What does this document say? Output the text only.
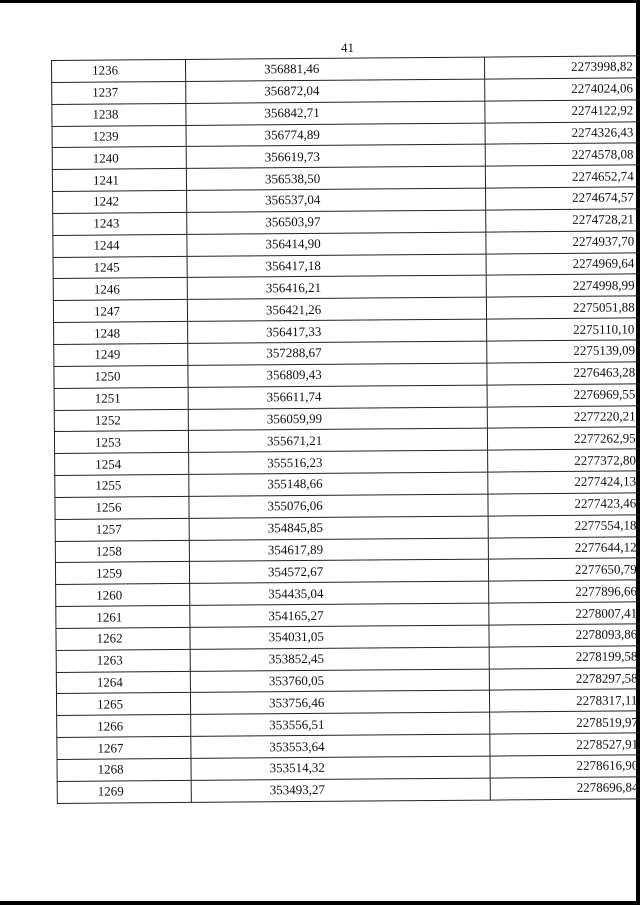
41
1236	356881,46	2273998,82
1237	356872,04	2274024,06
1238	356842,71	2274122,92
1239	356774,89	2274326,43
1240	356619,73	2274578,08
1241	356538,50	2274652,74
1242	356537,04	2274674,57
1243	356503,97	2274728,21
1244	356414,90	2274937,70
1245	356417,18	2274969,64
1246	356416,21	2274998,99
1247	356421,26	2275051,88
1248	356417,33	2275110,10
1249	357288,67	2275139,09
1250	356809,43	2276463,28
1251	356611,74	2276969,55
1252	356059,99	2277220,21
1253	355671,21	2277262,95
1254	355516,23	2277372,80
1255	355148,66	2277424,13
1256	355076,06	2277423,46
1257	354845,85	2277554,18
1258	354617,89	2277644,12
1259	354572,67	2277650,79
1260	354435,04	2277896,66
1261	354165,27	2278007,41
1262	354031,05	2278093,86
1263	353852,45	2278199,58
1264	353760,05	2278297,58
1265	353756,46	2278317,11
1266	353556,51	2278519,97
1267	353553,64	2278527,91
1268	353514,32	2278616,90
1269	353493,27	2278696,84
